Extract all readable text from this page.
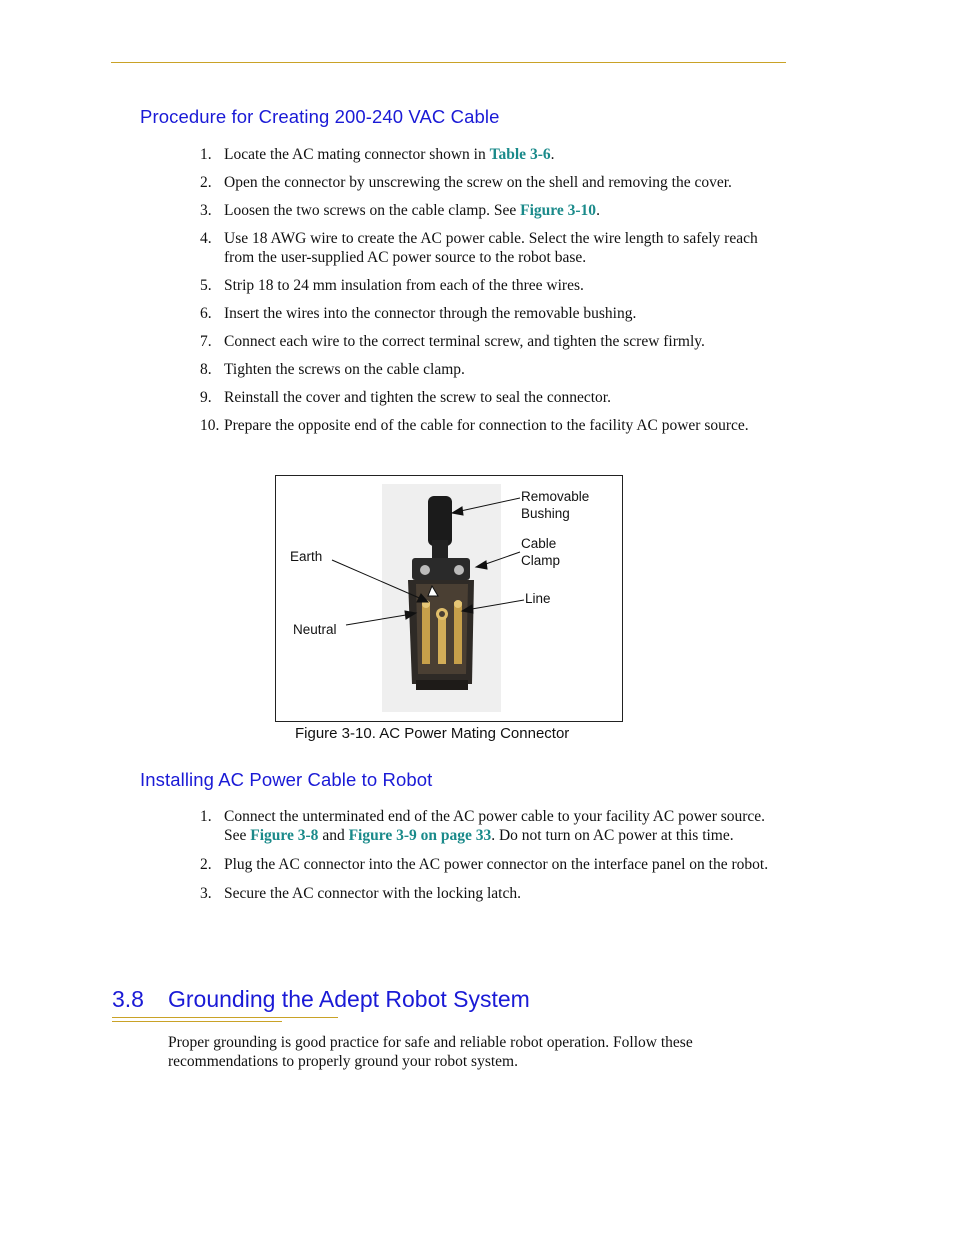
Procedure for Creating 200-240 VAC Cable
1. Locate the AC mating connector shown in Table 3-6.
2. Open the connector by unscrewing the screw on the shell and removing the cover.
3. Loosen the two screws on the cable clamp. See Figure 3-10.
4. Use 18 AWG wire to create the AC power cable. Select the wire length to safely reach from the user-supplied AC power source to the robot base.
5. Strip 18 to 24 mm insulation from each of the three wires.
6. Insert the wires into the connector through the removable bushing.
7. Connect each wire to the correct terminal screw, and tighten the screw firmly.
8. Tighten the screws on the cable clamp.
9. Reinstall the cover and tighten the screw to seal the connector.
10. Prepare the opposite end of the cable for connection to the facility AC power source.
Removable Bushing
Cable Clamp
Earth
Line
Neutral
Figure 3-10. AC Power Mating Connector
Installing AC Power Cable to Robot
1. Connect the unterminated end of the AC power cable to your facility AC power source. See Figure 3-8 and Figure 3-9 on page 33. Do not turn on AC power at this time.
2. Plug the AC connector into the AC power connector on the interface panel on the robot.
3. Secure the AC connector with the locking latch.
3.8 Grounding the Adept Robot System

Proper grounding is good practice for safe and reliable robot operation. Follow these recommendations to properly ground your robot system.
